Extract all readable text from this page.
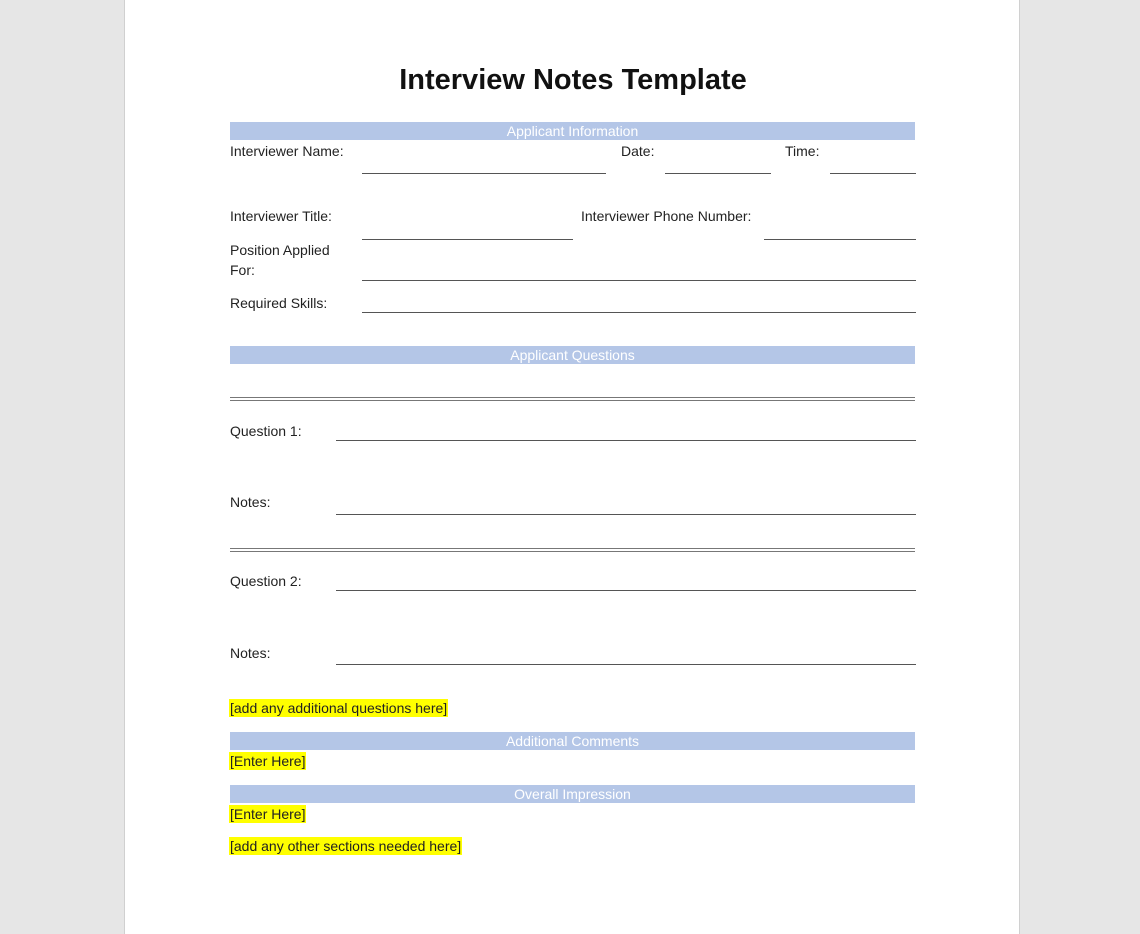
Interview Notes Template
Applicant Information
Interviewer Name:	Date:	Time:
Interviewer Title:	Interviewer Phone Number:
Position Applied
For:
Required Skills:
Applicant Questions
Question 1:
Notes:
Question 2:
Notes:
[add any additional questions here]
Additional Comments
[Enter Here]
Overall Impression
[Enter Here]
[add any other sections needed here]
